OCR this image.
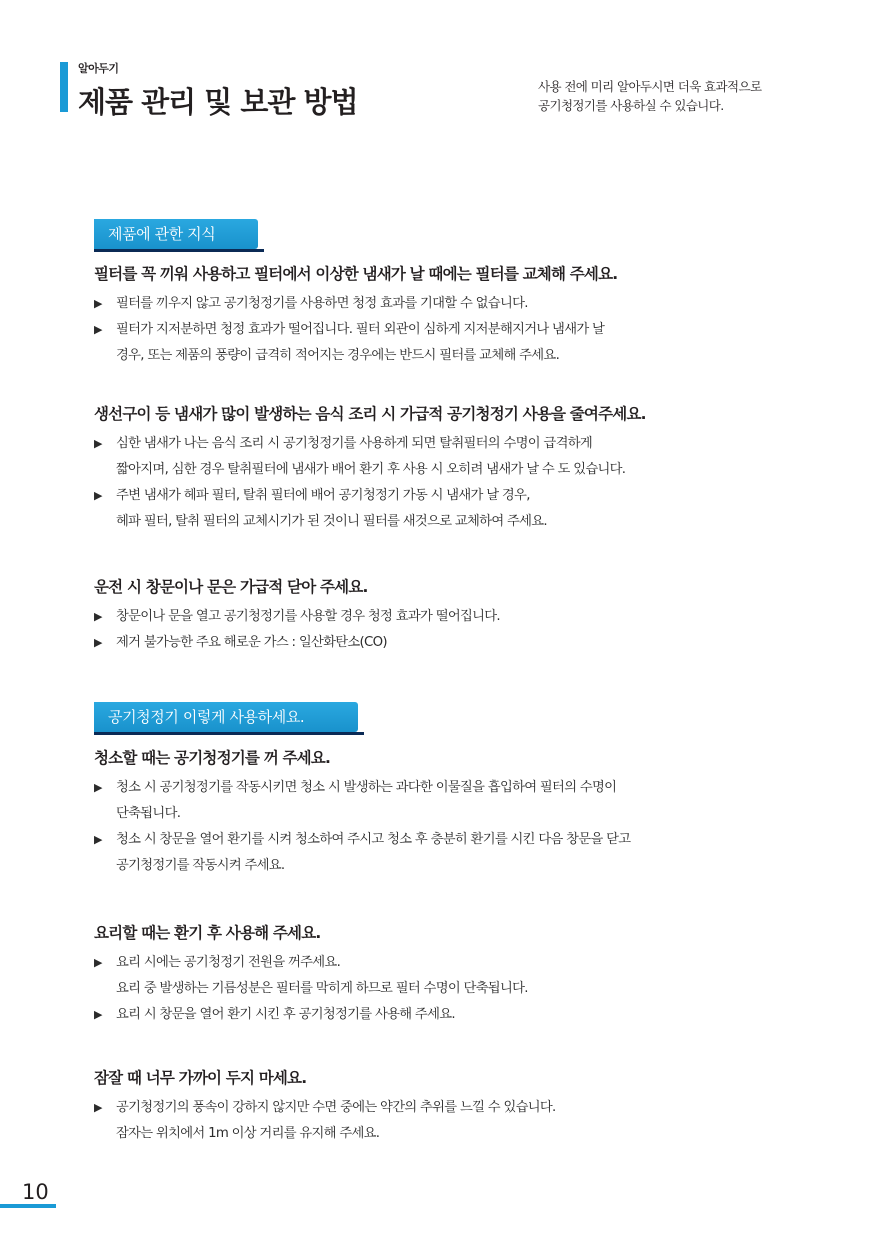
알아두기
제품 관리 및 보관 방법	사용 전에 미리 알아두시면 더욱 효과적으로
공기청정기를 사용하실 수 있습니다.
제품에 관한 지식
필터를 꼭 끼워 사용하고 필터에서 이상한 냄새가 날 때에는 필터를 교체해 주세요.
▶	필터를 끼우지 않고 공기청정기를 사용하면 청정 효과를 기대할 수 없습니다.
▶	필터가 지저분하면 청정 효과가 떨어집니다. 필터 외관이 심하게 지저분해지거나 냄새가 날
경우, 또는 제품의 풍량이 급격히 적어지는 경우에는 반드시 필터를 교체해 주세요.
생선구이 등 냄새가 많이 발생하는 음식 조리 시 가급적 공기청정기 사용을 줄여주세요.
▶	심한 냄새가 나는 음식 조리 시 공기청정기를 사용하게 되면 탈취필터의 수명이 급격하게
짧아지며, 심한 경우 탈취필터에 냄새가 배어 환기 후 사용 시 오히려 냄새가 날 수 도 있습니다.
▶	주변 냄새가 헤파 필터, 탈취 필터에 배어 공기청정기 가동 시 냄새가 날 경우,
헤파 필터, 탈취 필터의 교체시기가 된 것이니 필터를 새것으로 교체하여 주세요.
운전 시 창문이나 문은 가급적 닫아 주세요.
▶	창문이나 문을 열고 공기청정기를 사용할 경우 청정 효과가 떨어집니다.
▶	제거 불가능한 주요 해로운 가스 : 일산화탄소(CO)
공기청정기 이렇게 사용하세요.
청소할 때는 공기청정기를 꺼 주세요.
▶	청소 시 공기청정기를 작동시키면 청소 시 발생하는 과다한 이물질을 흡입하여 필터의 수명이
단축됩니다.
▶	청소 시 창문을 열어 환기를 시켜 청소하여 주시고 청소 후 충분히 환기를 시킨 다음 창문을 닫고
공기청정기를 작동시켜 주세요.
요리할 때는 환기 후 사용해 주세요.
▶	요리 시에는 공기청정기 전원을 꺼주세요.
요리 중 발생하는 기름성분은 필터를 막히게 하므로 필터 수명이 단축됩니다.
▶	요리 시 창문을 열어 환기 시킨 후 공기청정기를 사용해 주세요.
잠잘 때 너무 가까이 두지 마세요.
▶	공기청정기의 풍속이 강하지 않지만 수면 중에는 약간의 추위를 느낄 수 있습니다.
잠자는 위치에서 1m 이상 거리를 유지해 주세요.
10
